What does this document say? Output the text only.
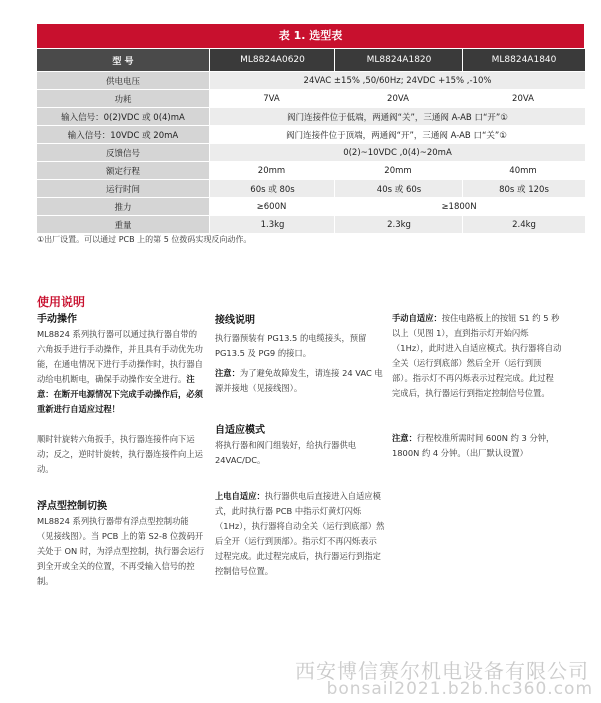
表 1. 选型表
型 号	ML8824A0620	ML8824A1820	ML8824A1840
供电电压	24VAC ±15% ,50/60Hz; 24VDC +15% ,-10%
功耗	7VA	20VA	20VA
输入信号：0(2)VDC 或 0(4)mA	阀门连接件位于低端，两通阀“关”，三通阀 A-AB 口“开”①
输入信号：10VDC 或 20mA	阀门连接件位于顶端，两通阀“开”，三通阀 A-AB 口“关”①
反馈信号	0(2)~10VDC ,0(4)~20mA
额定行程	20mm	20mm	40mm
运行时间	60s 或 80s	40s 或 60s	80s 或 120s
推力	≥600N	≥1800N
重量	1.3kg	2.3kg	2.4kg
①出厂设置。可以通过 PCB 上的第 5 位拨码实现反向动作。
使用说明
手动操作
ML8824 系列执行器可以通过执行器自带的六角扳手进行手动操作，并且具有手动优先功能，在通电情况下进行手动操作时，执行器自动给电机断电，确保手动操作安全进行。注意：在断开电源情况下完成手动操作后，必须重新进行自适应过程！
顺时针旋转六角扳手，执行器连接件向下运动；反之，逆时针旋转，执行器连接件向上运动。
浮点型控制切换
ML8824 系列执行器带有浮点型控制功能（见接线图）。当 PCB 上的第 S2-8 位拨码开关处于 ON 时，为浮点型控制，执行器会运行到全开或全关的位置，不再受输入信号的控制。
接线说明
执行器预装有 PG13.5 的电缆接头，预留 PG13.5 及 PG9 的接口。
注意：为了避免故障发生，请连接 24 VAC 电源并接地（见接线图）。
自适应模式
将执行器和阀门组装好，给执行器供电 24VAC/DC。
上电自适应：执行器供电后直接进入自适应模式，此时执行器 PCB 中指示灯黄灯闪烁（1Hz），执行器将自动全关（运行到底部）然后全开（运行到顶部）。指示灯不再闪烁表示过程完成。此过程完成后，执行器运行到指定控制信号位置。
手动自适应：按住电路板上的按钮 S1 约 5 秒以上（见图 1），直到指示灯开始闪烁（1Hz），此时进入自适应模式。执行器将自动全关（运行到底部）然后全开（运行到顶部）。指示灯不再闪烁表示过程完成。此过程完成后，执行器运行到指定控制信号位置。
注意：行程校准所需时间 600N 约 3 分钟，1800N 约 4 分钟。（出厂默认设置）
西安博信赛尔机电设备有限公司
bonsail2021.b2b.hc360.com
